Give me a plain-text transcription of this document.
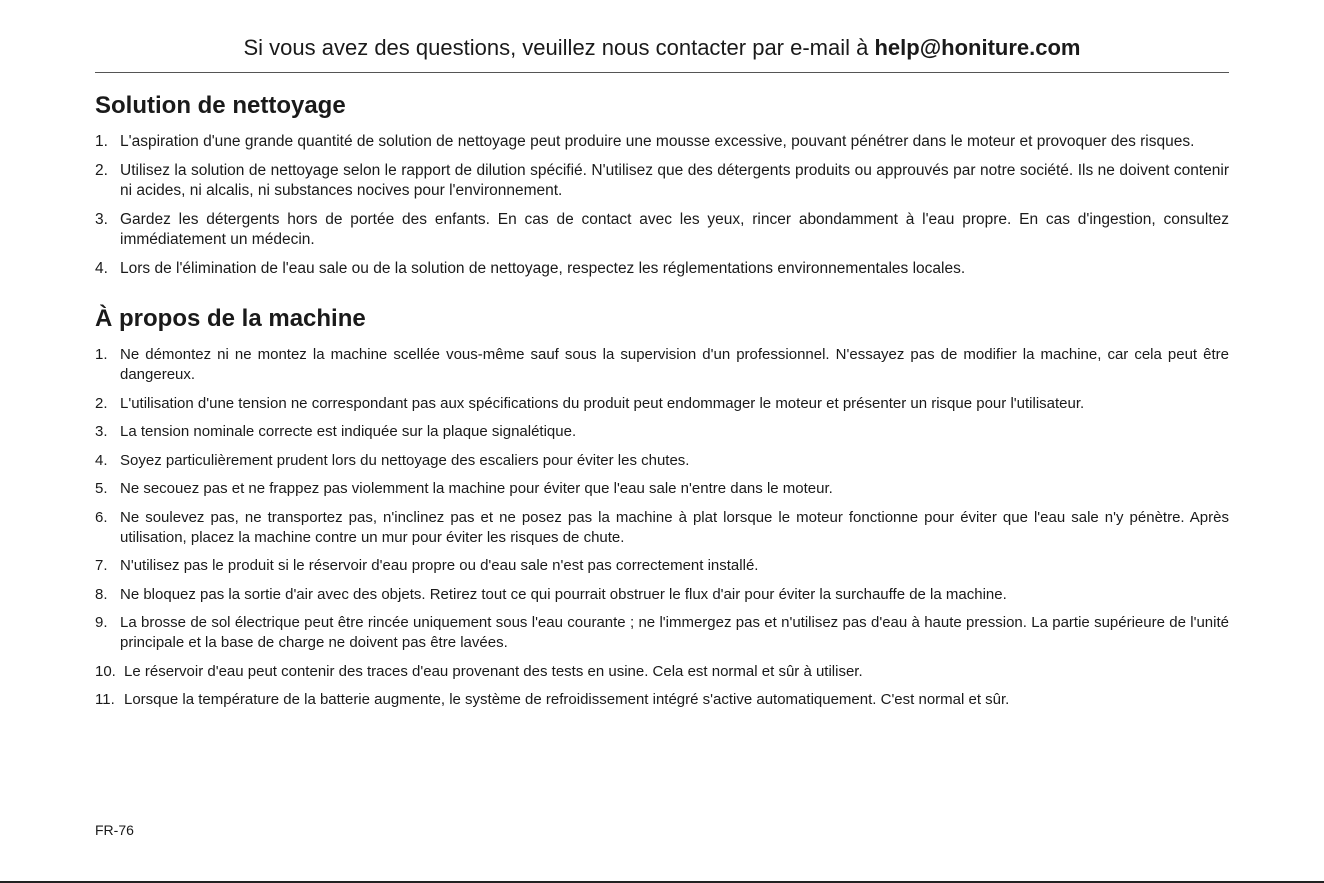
Si vous avez des questions, veuillez nous contacter par e-mail à help@honiture.com
Solution de nettoyage
1. L'aspiration d'une grande quantité de solution de nettoyage peut produire une mousse excessive, pouvant pénétrer dans le moteur et provoquer des risques.
2. Utilisez la solution de nettoyage selon le rapport de dilution spécifié. N'utilisez que des détergents produits ou approuvés par notre société. Ils ne doivent contenir ni acides, ni alcalis, ni substances nocives pour l'environnement.
3. Gardez les détergents hors de portée des enfants. En cas de contact avec les yeux, rincer abondamment à l'eau propre. En cas d'ingestion, consultez immédiatement un médecin.
4. Lors de l'élimination de l'eau sale ou de la solution de nettoyage, respectez les réglementations environnementales locales.
À propos de la machine
1. Ne démontez ni ne montez la machine scellée vous-même sauf sous la supervision d'un professionnel. N'essayez pas de modifier la machine, car cela peut être dangereux.
2. L'utilisation d'une tension ne correspondant pas aux spécifications du produit peut endommager le moteur et présenter un risque pour l'utilisateur.
3. La tension nominale correcte est indiquée sur la plaque signalétique.
4. Soyez particulièrement prudent lors du nettoyage des escaliers pour éviter les chutes.
5. Ne secouez pas et ne frappez pas violemment la machine pour éviter que l'eau sale n'entre dans le moteur.
6. Ne soulevez pas, ne transportez pas, n'inclinez pas et ne posez pas la machine à plat lorsque le moteur fonctionne pour éviter que l'eau sale n'y pénètre. Après utilisation, placez la machine contre un mur pour éviter les risques de chute.
7. N'utilisez pas le produit si le réservoir d'eau propre ou d'eau sale n'est pas correctement installé.
8. Ne bloquez pas la sortie d'air avec des objets. Retirez tout ce qui pourrait obstruer le flux d'air pour éviter la surchauffe de la machine.
9. La brosse de sol électrique peut être rincée uniquement sous l'eau courante ; ne l'immergez pas et n'utilisez pas d'eau à haute pression. La partie supérieure de l'unité principale et la base de charge ne doivent pas être lavées.
10. Le réservoir d'eau peut contenir des traces d'eau provenant des tests en usine. Cela est normal et sûr à utiliser.
11. Lorsque la température de la batterie augmente, le système de refroidissement intégré s'active automatiquement. C'est normal et sûr.
FR-76
